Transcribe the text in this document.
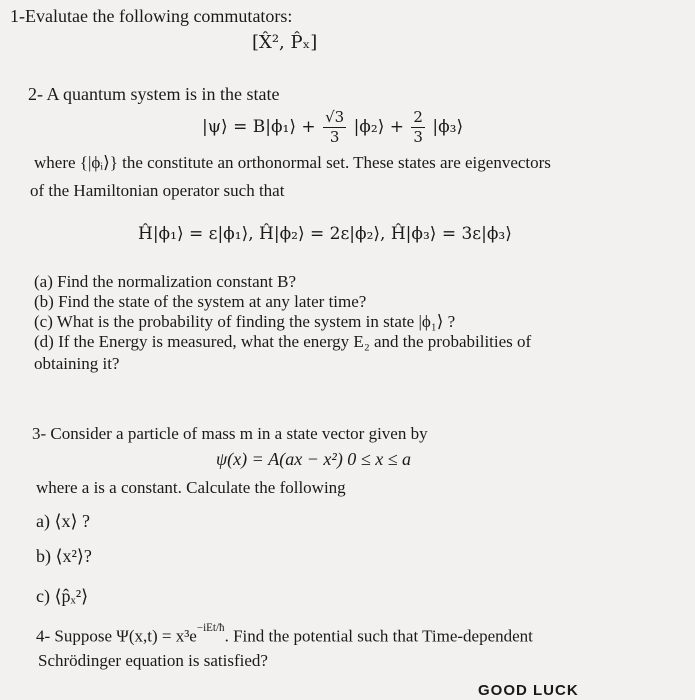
1-Evalutae the following commutators:
[X̂², P̂ₓ]
2- A quantum system is in the state
|ψ⟩ = B|ϕ₁⟩ + $\frac{√3}{3}$ |ϕ₂⟩ + $\frac{2}{3}$ |ϕ₃⟩
where {|ϕᵢ⟩} the constitute an orthonormal set. These states are eigenvectors
of the Hamiltonian operator such that
Ĥ|ϕ₁⟩ = ε|ϕ₁⟩, Ĥ|ϕ₂⟩ = 2ε|ϕ₂⟩, Ĥ|ϕ₃⟩ = 3ε|ϕ₃⟩
(a) Find the normalization constant B?
(b) Find the state of the system at any later time?
(c) What is the probability of finding the system in state |ϕ₁⟩ ?
(d) If the Energy is measured, what the energy E₂ and the probabilities of
obtaining it?
3- Consider a particle of mass m in a state vector given by
ψ(x) = A(ax − x²) 0 ≤ x ≤ a
where a is a constant. Calculate the following
a) ⟨x⟩ ?
b) ⟨x²⟩?
c) ⟨p̂ₓ²⟩
4- Suppose $\Psi(x,t) = x^3e^{-iEt/ħ}$. Find the potential such that Time-dependent
Schrödinger equation is satisfied?
GOOD LUCK
